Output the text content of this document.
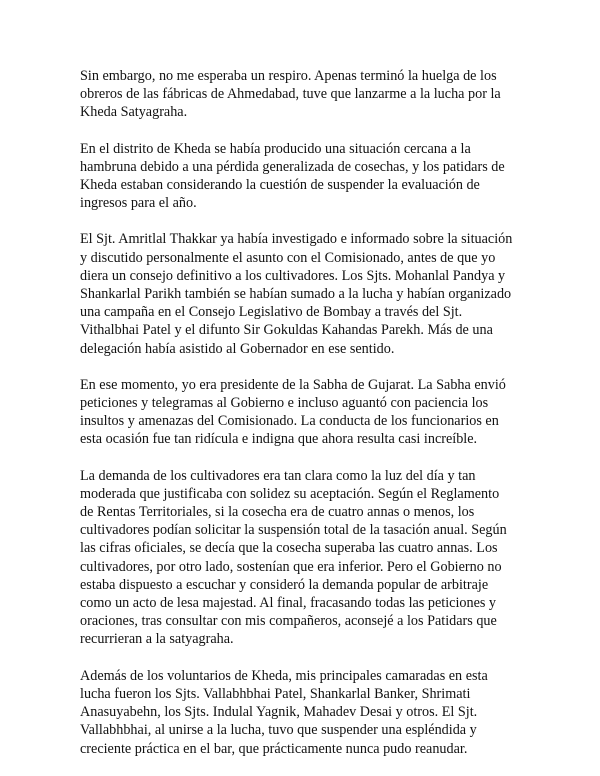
Sin embargo, no me esperaba un respiro. Apenas terminó la huelga de los
obreros de las fábricas de Ahmedabad, tuve que lanzarme a la lucha por la
Kheda Satyagraha.

En el distrito de Kheda se había producido una situación cercana a la
hambruna debido a una pérdida generalizada de cosechas, y los patidars de
Kheda estaban considerando la cuestión de suspender la evaluación de
ingresos para el año.

El Sjt. Amritlal Thakkar ya había investigado e informado sobre la situación
y discutido personalmente el asunto con el Comisionado, antes de que yo
diera un consejo definitivo a los cultivadores. Los Sjts. Mohanlal Pandya y
Shankarlal Parikh también se habían sumado a la lucha y habían organizado
una campaña en el Consejo Legislativo de Bombay a través del Sjt.
Vithalbhai Patel y el difunto Sir Gokuldas Kahandas Parekh. Más de una
delegación había asistido al Gobernador en ese sentido.

En ese momento, yo era presidente de la Sabha de Gujarat. La Sabha envió
peticiones y telegramas al Gobierno e incluso aguantó con paciencia los
insultos y amenazas del Comisionado. La conducta de los funcionarios en
esta ocasión fue tan ridícula e indigna que ahora resulta casi increíble.

La demanda de los cultivadores era tan clara como la luz del día y tan
moderada que justificaba con solidez su aceptación. Según el Reglamento
de Rentas Territoriales, si la cosecha era de cuatro annas o menos, los
cultivadores podían solicitar la suspensión total de la tasación anual. Según
las cifras oficiales, se decía que la cosecha superaba las cuatro annas. Los
cultivadores, por otro lado, sostenían que era inferior. Pero el Gobierno no
estaba dispuesto a escuchar y consideró la demanda popular de arbitraje
como un acto de lesa majestad. Al final, fracasando todas las peticiones y
oraciones, tras consultar con mis compañeros, aconsejé a los Patidars que
recurrieran a la satyagraha.

Además de los voluntarios de Kheda, mis principales camaradas en esta
lucha fueron los Sjts. Vallabhbhai Patel, Shankarlal Banker, Shrimati
Anasuyabehn, los Sjts. Indulal Yagnik, Mahadev Desai y otros. El Sjt.
Vallabhbhai, al unirse a la lucha, tuvo que suspender una espléndida y
creciente práctica en el bar, que prácticamente nunca pudo reanudar.
